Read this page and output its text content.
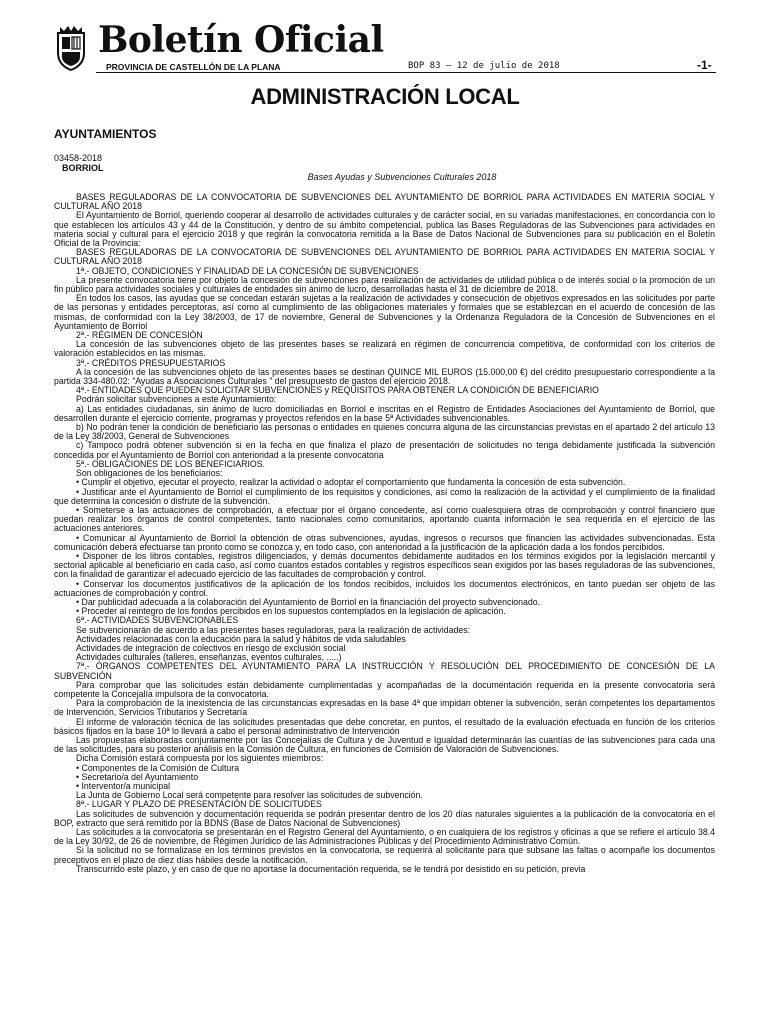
Boletín Oficial
PROVINCIA DE CASTELLÓN DE LA PLANA	BOP 83 – 12 de julio de 2018	-1-
ADMINISTRACIÓN LOCAL
AYUNTAMIENTOS
03458-2018
BORRIOL
Bases Ayudas y Subvenciones Culturales 2018

BASES REGULADORAS DE LA CONVOCATORIA DE SUBVENCIONES DEL AYUNTAMIENTO DE BORRIOL PARA ACTIVIDADES EN MATERIA SOCIAL Y CULTURAL AÑO 2018

El Ayuntamiento de Borriol, queriendo cooperar al desarrollo de actividades culturales y de carácter social, en su variadas manifestaciones, en concordancia con lo que establecen los artículos 43 y 44 de la Constitución, y dentro de su ámbito competencial, publica las Bases Reguladoras de las Subvenciones para actividades en materia social y cultural para el ejercicio 2018 y que regirán la convocatoria remitida a la Base de Datos Nacional de Subvenciones para su publicación en el Boletín Oficial de la Provincia:

BASES REGULADORAS DE LA CONVOCATORIA DE SUBVENCIONES DEL AYUNTAMIENTO DE BORRIOL PARA ACTIVIDADES EN MATERIA SOCIAL Y CULTURAL AÑO 2018

1ª.- OBJETO, CONDICIONES Y FINALIDAD DE LA CONCESIÓN DE SUBVENCIONES

La presente convocatoria tiene por objeto la concesión de subvenciones para realización de actividades de utilidad pública o de interés social o la promoción de un fin público para actividades sociales y culturales de entidades sin ánimo de lucro, desarrolladas hasta el 31 de diciembre de 2018.

En todos los casos, las ayudas que se concedan estarán sujetas a la realización de actividades y consecución de objetivos expresados en las solicitudes por parte de las personas y entidades perceptoras, así como al cumplimiento de las obligaciones materiales y formales que se establezcan en el acuerdo de concesión de las mismas, de conformidad con la Ley 38/2003, de 17 de noviembre, General de Subvenciones y la Ordenanza Reguladora de la Concesión de Subvenciones en el Ayuntamiento de Borriol

2ª.- RÉGIMEN DE CONCESIÓN

La concesión de las subvenciones objeto de las presentes bases se realizará en régimen de concurrencia competitiva, de conformidad con los criterios de valoración establecidos en las mismas.

3ª.- CRÉDITOS PRESUPUESTARIOS

A la concesión de las subvenciones objeto de las presentes bases se destinan QUINCE MIL EUROS (15.000,00 €) del crédito presupuestario correspondiente a la partida 334-480.02: “Ayudas a Asociaciones Culturales ” del presupuesto de gastos del ejercicio 2018.

4ª.- ENTIDADES QUE PUEDEN SOLICITAR SUBVENCIONES y REQUISITOS PARA OBTENER LA CONDICIÓN DE BENEFICIARIO

Podrán solicitar subvenciones a este Ayuntamiento:

a) Las entidades ciudadanas, sin ánimo de lucro domiciliadas en Borriol e inscritas en el Registro de Entidades Asociaciones del Ayuntamiento de Borriol, que desarrollen durante el ejercicio corriente, programas y proyectos referidos en la base 5ª Actividades subvencionables.

b) No podrán tener la condición de beneficiario las personas o entidades en quienes concurra alguna de las circunstancias previstas en el apartado 2 del artículo 13 de la Ley 38/2003, General de Subvenciones

c) Tampoco podrá obtener subvención si en la fecha en que finaliza el plazo de presentación de solicitudes no tenga debidamente justificada la subvención concedida por el Ayuntamiento de Borriol con anterioridad a la presente convocatoria

5ª.- OBLIGACIONES DE LOS BENEFICIARIOS.

Son obligaciones de los beneficiarios:

• Cumplir el objetivo, ejecutar el proyecto, realizar la actividad o adoptar el comportamiento que fundamenta la concesión de esta subvención.

• Justificar ante el Ayuntamiento de Borriol el cumplimiento de los requisitos y condiciones, así como la realización de la actividad y el cumplimiento de la finalidad que determina la concesión o disfrute de la subvención.

• Someterse a las actuaciones de comprobación, a efectuar por el órgano concedente, así como cualesquiera otras de comprobación y control financiero que puedan realizar los órganos de control competentes, tanto nacionales como comunitarios, aportando cuanta información le sea requerida en el ejercicio de las actuaciones anteriores.

• Comunicar al Ayuntamiento de Borriol la obtención de otras subvenciones, ayudas, ingresos o recursos que financien las actividades subvencionadas. Esta comunicación deberá efectuarse tan pronto como se conozca y, en todo caso, con anterioridad a la justificación de la aplicación dada a los fondos percibidos.

• Disponer de los libros contables, registros diligenciados, y demás documentos debidamente auditados en los términos exigidos por la legislación mercantil y sectorial aplicable al beneficiario en cada caso, así como cuantos estados contables y registros específicos sean exigidos por las bases reguladoras de las subvenciones, con la finalidad de garantizar el adecuado ejercicio de las facultades de comprobación y control.

• Conservar los documentos justificativos de la aplicación de los fondos recibidos, incluidos los documentos electrónicos, en tanto puedan ser objeto de las actuaciones de comprobación y control.

• Dar publicidad adecuada a la colaboración del Ayuntamiento de Borriol en la financiación del proyecto subvencionado.

• Proceder al reintegro de los fondos percibidos en los supuestos contemplados en la legislación de aplicación.

6ª.- ACTIVIDADES SUBVENCIONABLES

Se subvencionarán de acuerdo a las presentes bases reguladoras, para la realización de actividades:

Actividades relacionadas con la educación para la salud y hábitos de vida saludables

Actividades de integración de colectivos en riesgo de exclusión social

Actividades culturales (talleres, enseñanzas, eventos culturales, .....)

7ª.- ÓRGANOS COMPETENTES DEL AYUNTAMIENTO PARA LA INSTRUCCIÓN Y RESOLUCIÓN DEL PROCEDIMIENTO DE CONCESIÓN DE LA SUBVENCIÓN

Para comprobar que las solicitudes están debidamente cumplimentadas y acompañadas de la documentación requerida en la presente convocatoria será competente la Concejalía impulsora de la convocatoria.

Para la comprobación de la inexistencia de las circunstancias expresadas en la base 4ª que impidan obtener la subvención, serán competentes los departamentos de Intervención, Servicios Tributarios y Secretaría

El informe de valoración técnica de las solicitudes presentadas que debe concretar, en puntos, el resultado de la evaluación efectuada en función de los criterios básicos fijados en la base 10ª lo llevará a cabo el personal administrativo de Intervención

Las propuestas elaboradas conjuntamente por las Concejalías de Cultura y de Juventud e Igualdad determinarán las cuantías de las subvenciones para cada una de las solicitudes, para su posterior análisis en la Comisión de Cultura, en funciones de Comisión de Valoración de Subvenciones.

Dicha Comisión estará compuesta por los siguientes miembros:

• Componentes de la Comisión de Cultura

• Secretario/a del Ayuntamiento

• Interventor/a municipal

La Junta de Gobierno Local será competente para resolver las solicitudes de subvención.

8ª.- LUGAR Y PLAZO DE PRESENTACIÓN DE SOLICITUDES

Las solicitudes de subvención y documentación requerida se podrán presentar dentro de los 20 días naturales siguientes a la publicación de la convocatoria en el BOP, extracto que será remitido por la BDNS (Base de Datos Nacional de Subvenciones)

Las solicitudes a la convocatoria se presentarán en el Registro General del Ayuntamiento, o en cualquiera de los registros y oficinas a que se refiere el artículo 38.4 de la Ley 30/92, de 26 de noviembre, de Régimen Jurídico de las Administraciones Públicas y del Procedimiento Administrativo Común.

Si la solicitud no se formalizase en los términos previstos en la convocatoria, se requerirá al solicitante para que subsane las faltas o acompañe los documentos preceptivos en el plazo de diez días hábiles desde la notificación.

Transcurrido este plazo, y en caso de que no aportase la documentación requerida, se le tendrá por desistido en su petición, previa
